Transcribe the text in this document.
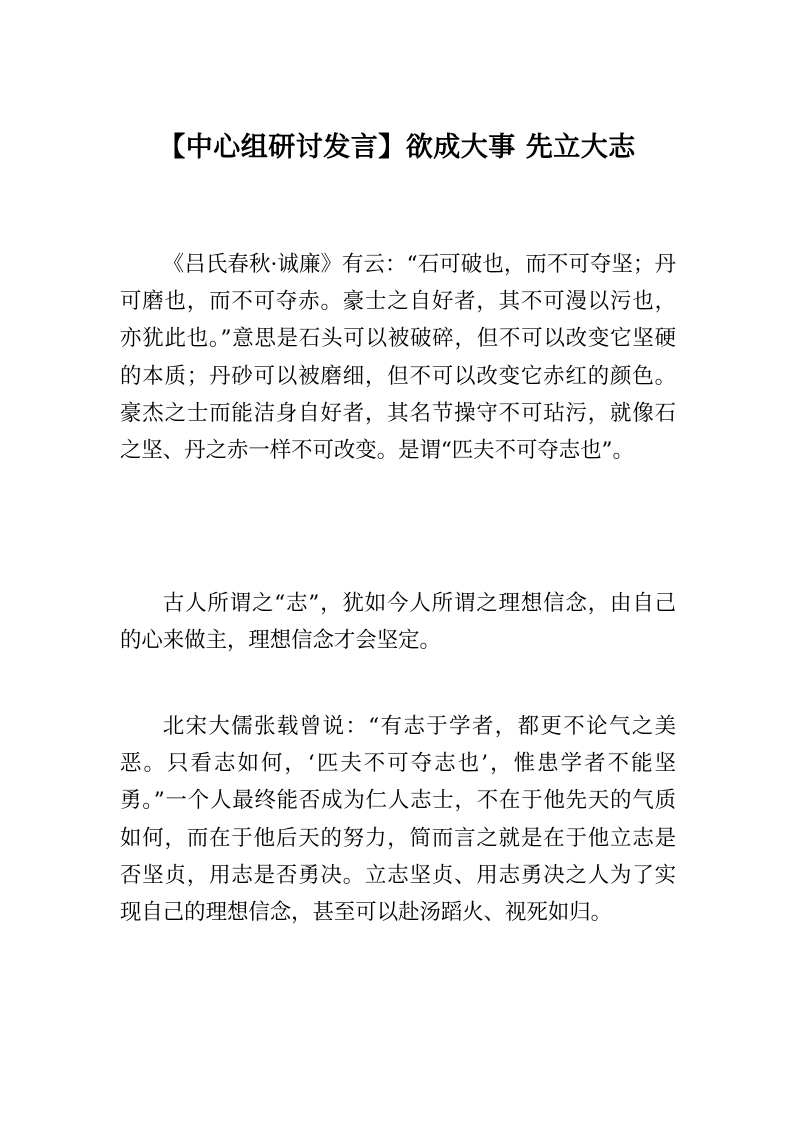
【中心组研讨发言】欲成大事 先立大志

《吕氏春秋·诚廉》有云：“石可破也，而不可夺坚；丹可磨也，而不可夺赤。豪士之自好者，其不可漫以污也，亦犹此也。”意思是石头可以被破碎，但不可以改变它坚硬的本质；丹砂可以被磨细，但不可以改变它赤红的颜色。豪杰之士而能洁身自好者，其名节操守不可玷污，就像石之坚、丹之赤一样不可改变。是谓“匹夫不可夺志也”。

古人所谓之“志”，犹如今人所谓之理想信念，由自己的心来做主，理想信念才会坚定。

北宋大儒张载曾说：“有志于学者，都更不论气之美恶。只看志如何，‘匹夫不可夺志也’，惟患学者不能坚勇。”一个人最终能否成为仁人志士，不在于他先天的气质如何，而在于他后天的努力，简而言之就是在于他立志是否坚贞，用志是否勇决。立志坚贞、用志勇决之人为了实现自己的理想信念，甚至可以赴汤蹈火、视死如归。
